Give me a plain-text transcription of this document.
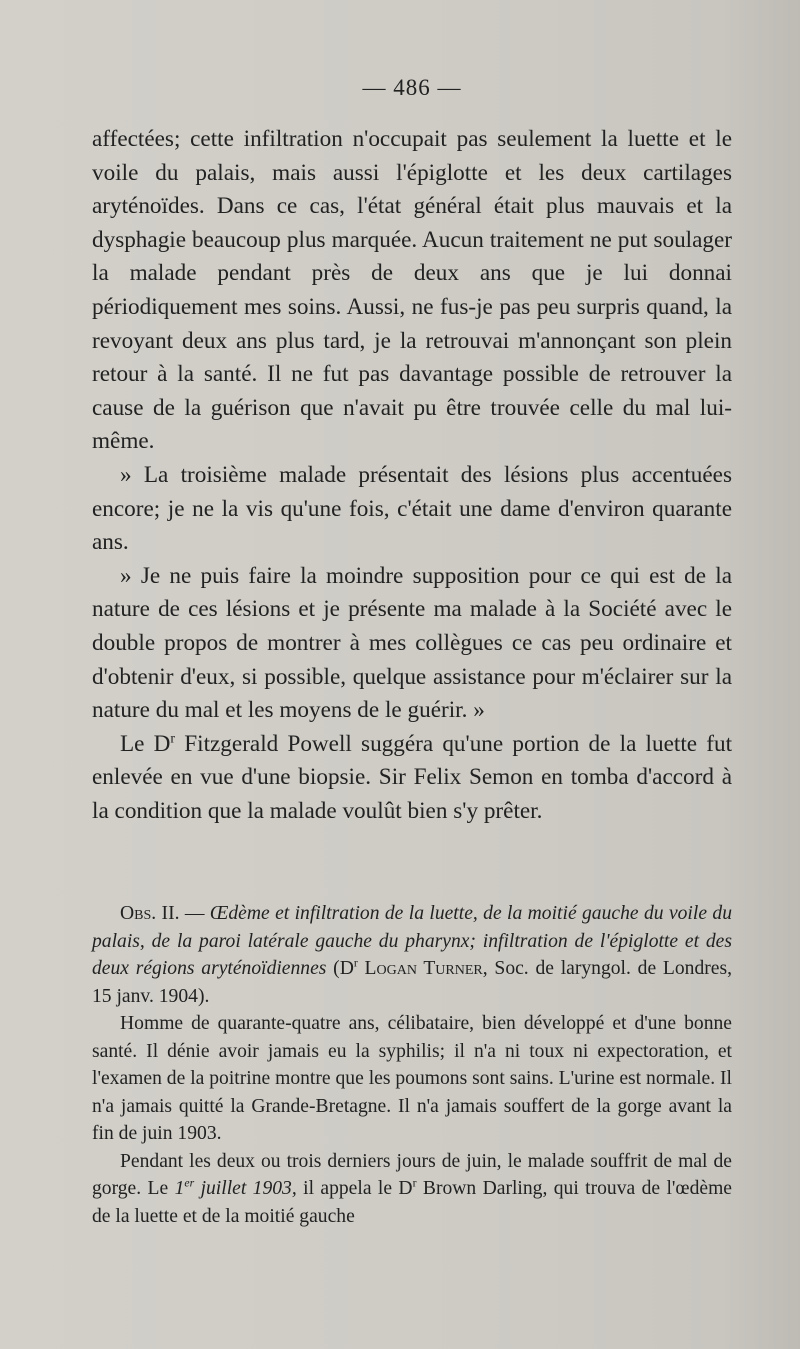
— 486 —

affectées; cette infiltration n'occupait pas seulement la luette et le voile du palais, mais aussi l'épiglotte et les deux cartilages aryténoïdes. Dans ce cas, l'état général était plus mauvais et la dysphagie beaucoup plus marquée. Aucun traitement ne put soulager la malade pendant près de deux ans que je lui donnai périodiquement mes soins. Aussi, ne fus-je pas peu surpris quand, la revoyant deux ans plus tard, je la retrouvai m'annonçant son plein retour à la santé. Il ne fut pas davantage possible de retrouver la cause de la guérison que n'avait pu être trouvée celle du mal lui-même.

» La troisième malade présentait des lésions plus accentuées encore; je ne la vis qu'une fois, c'était une dame d'environ quarante ans.

» Je ne puis faire la moindre supposition pour ce qui est de la nature de ces lésions et je présente ma malade à la Société avec le double propos de montrer à mes collègues ce cas peu ordinaire et d'obtenir d'eux, si possible, quelque assistance pour m'éclairer sur la nature du mal et les moyens de le guérir. »

Le $D^r$ Fitzgerald Powell suggéra qu'une portion de la luette fut enlevée en vue d'une biopsie. Sir Felix Semon en tomba d'accord à la condition que la malade voulût bien s'y prêter.

Obs. II. — Œdème et infiltration de la luette, de la moitié gauche du voile du palais, de la paroi latérale gauche du pharynx; infiltration de l'épiglotte et des deux régions aryténoïdiennes ($D^r$ Logan Turner, Soc. de laryngol. de Londres, 15 janv. 1904).

Homme de quarante-quatre ans, célibataire, bien développé et d'une bonne santé. Il dénie avoir jamais eu la syphilis; il n'a ni toux ni expectoration, et l'examen de la poitrine montre que les poumons sont sains. L'urine est normale. Il n'a jamais quitté la Grande-Bretagne. Il n'a jamais souffert de la gorge avant la fin de juin 1903.

Pendant les deux ou trois derniers jours de juin, le malade souffrit de mal de gorge. Le 1er juillet 1903, il appela le $D^r$ Brown Darling, qui trouva de l'œdème de la luette et de la moitié gauche
